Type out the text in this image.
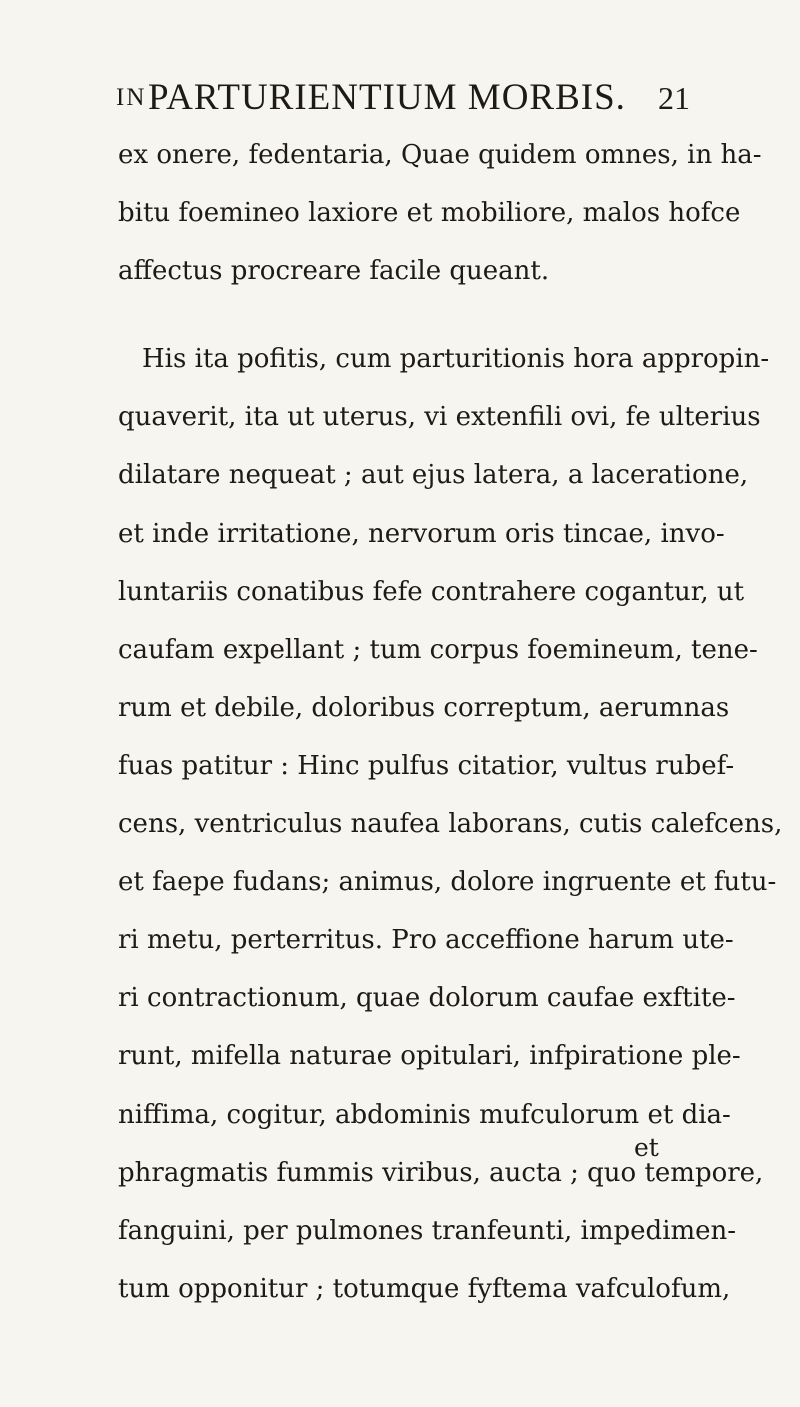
IN PARTURIENTIUM MORBIS. 21
ex onere, fedentaria, Quae quidem omnes, in ha-
bitu foemineo laxiore et mobiliore, malos hofce
affectus procreare facile queant.
His ita pofitis, cum parturitionis hora appropin-
quaverit, ita ut uterus, vi extenfili ovi, fe ulterius
dilatare nequeat ; aut ejus latera, a laceratione,
et inde irritatione, nervorum oris tincae, invo-
luntariis conatibus fefe contrahere cogantur, ut
caufam expellant ; tum corpus foemineum, tene-
rum et debile, doloribus correptum, aerumnas
fuas patitur : Hinc pulfus citatior, vultus rubef-
cens, ventriculus naufea laborans, cutis calefcens,
et faepe fudans; animus, dolore ingruente et futu-
ri metu, perterritus. Pro acceffione harum ute-
ri contractionum, quae dolorum caufae exftite-
runt, mifella naturae opitulari, infpiratione ple-
niffima, cogitur, abdominis mufculorum et dia-
phragmatis fummis viribus, aucta ; quo tempore,
fanguini, per pulmones tranfeunti, impedimen-
tum opponitur ; totumque fyftema vafculofum,
et
